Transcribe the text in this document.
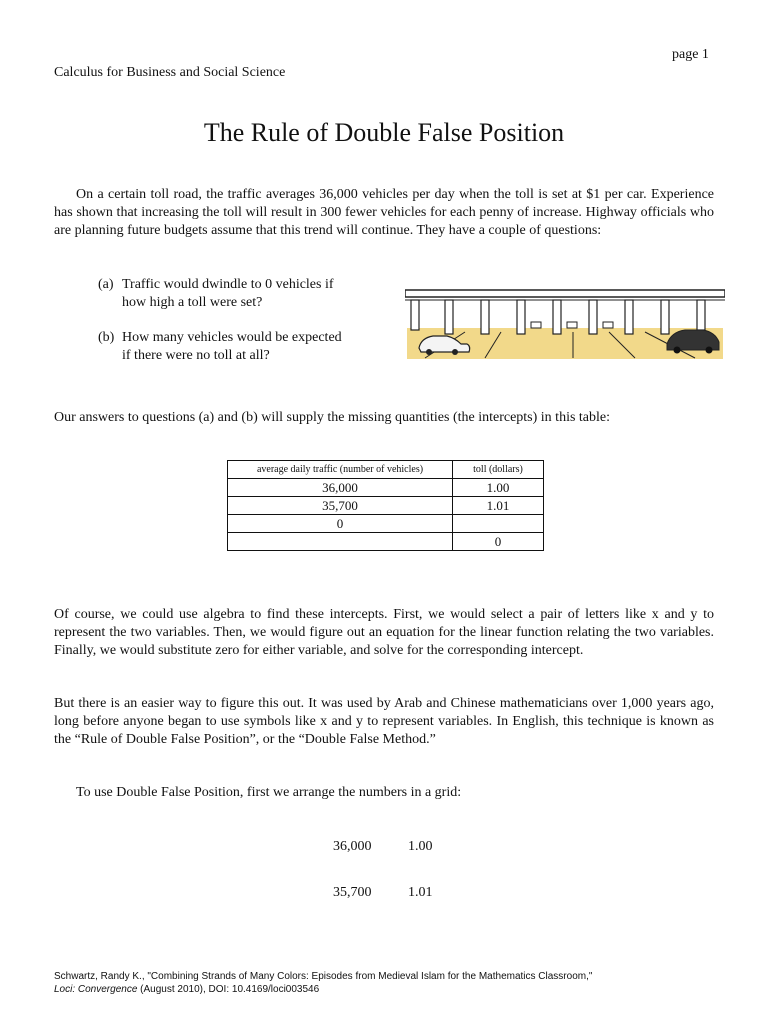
page 1
Calculus for Business and Social Science
The Rule of Double False Position

On a certain toll road, the traffic averages 36,000 vehicles per day when the toll is set at $1 per car. Experience has shown that increasing the toll will result in 300 fewer vehicles for each penny of increase. Highway officials who are planning future budgets assume that this trend will continue. They have a couple of questions:

(a) Traffic would dwindle to 0 vehicles if
how high a toll were set?
(b) How many vehicles would be expected
if there were no toll at all?

Our answers to questions (a) and (b) will supply the missing quantities (the intercepts) in this table:

average daily traffic (number of vehicles)	toll (dollars)
36,000	1.00
35,700	1.01
0	
	0

Of course, we could use algebra to find these intercepts. First, we would select a pair of letters like x and y to represent the two variables. Then, we would figure out an equation for the linear function relating the two variables. Finally, we would substitute zero for either variable, and solve for the corresponding intercept.

But there is an easier way to figure this out. It was used by Arab and Chinese mathematicians over 1,000 years ago, long before anyone began to use symbols like x and y to represent variables. In English, this technique is known as the “Rule of Double False Position”, or the “Double False Method.”

To use Double False Position, first we arrange the numbers in a grid:

36,000	1.00
35,700	1.01
Schwartz, Randy K., "Combining Strands of Many Colors: Episodes from Medieval Islam for the Mathematics Classroom,"
Loci: Convergence (August 2010), DOI: 10.4169/loci003546
